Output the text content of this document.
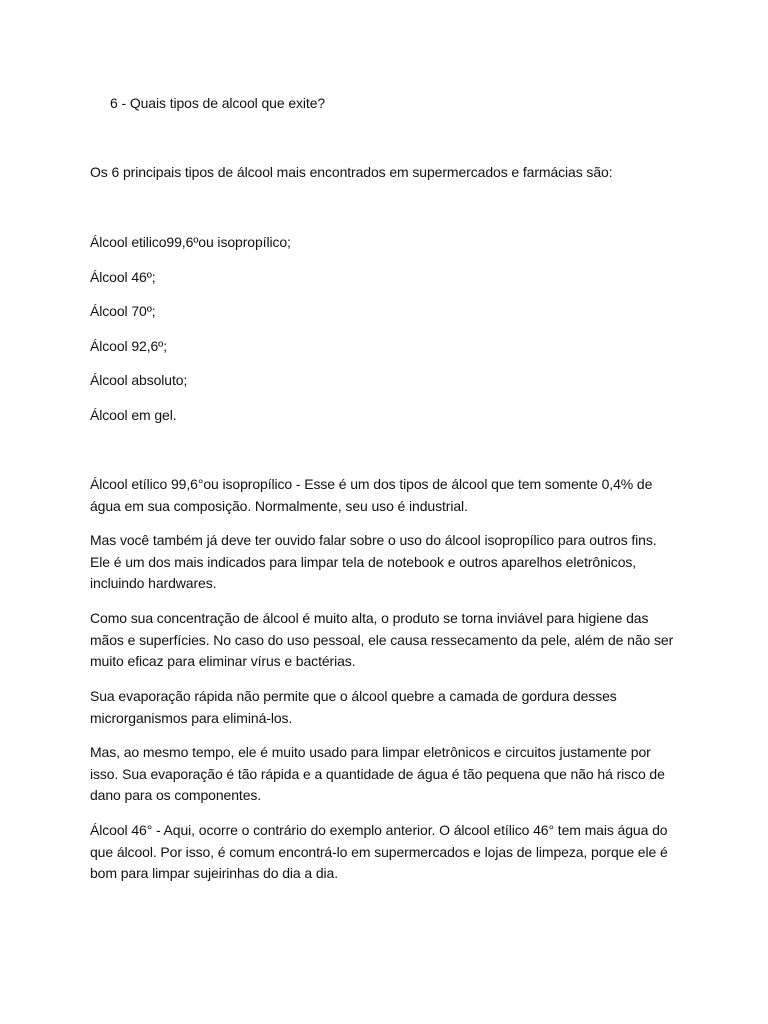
6 - Quais tipos de alcool que exite?
Os 6 principais tipos de álcool mais encontrados em supermercados e farmácias são:
Álcool etilico99,6ºou isopropílico;
Álcool 46º;
Álcool 70º;
Álcool 92,6º;
Álcool absoluto;
Álcool em gel.
Álcool etílico 99,6°ou isopropílico - Esse é um dos tipos de álcool que tem somente 0,4% de
água em sua composição. Normalmente, seu uso é industrial.
Mas você também já deve ter ouvido falar sobre o uso do álcool isopropílico para outros fins.
Ele é um dos mais indicados para limpar tela de notebook e outros aparelhos eletrônicos,
incluindo hardwares.
Como sua concentração de álcool é muito alta, o produto se torna inviável para higiene das
mãos e superfícies. No caso do uso pessoal, ele causa ressecamento da pele, além de não ser
muito eficaz para eliminar vírus e bactérias.
Sua evaporação rápida não permite que o álcool quebre a camada de gordura desses
microrganismos para eliminá-los.
Mas, ao mesmo tempo, ele é muito usado para limpar eletrônicos e circuitos justamente por
isso. Sua evaporação é tão rápida e a quantidade de água é tão pequena que não há risco de
dano para os componentes.
Álcool 46° - Aqui, ocorre o contrário do exemplo anterior. O álcool etílico 46° tem mais água do
que álcool. Por isso, é comum encontrá-lo em supermercados e lojas de limpeza, porque ele é
bom para limpar sujeirinhas do dia a dia.
